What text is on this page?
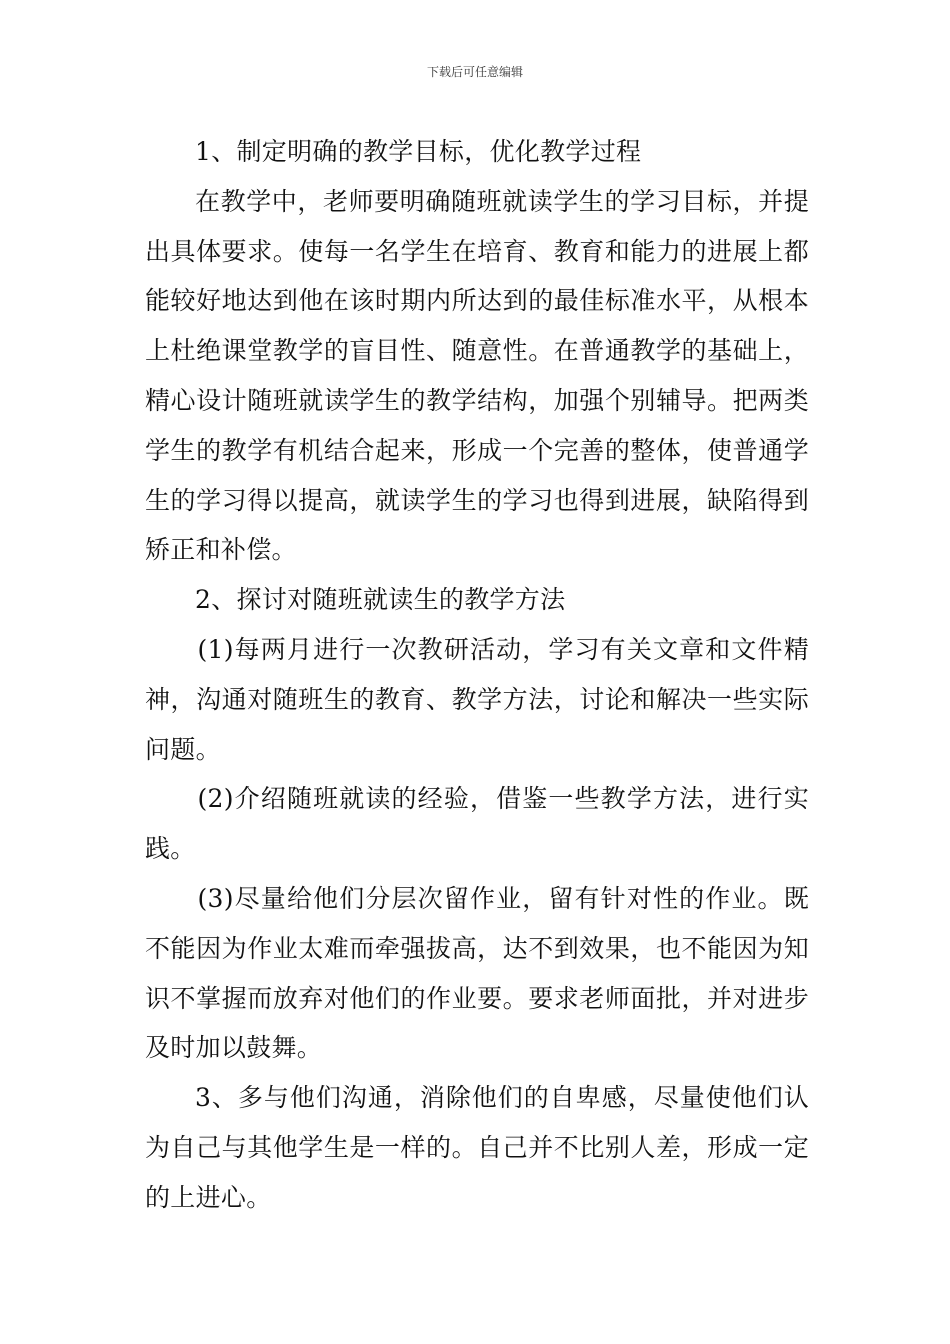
下载后可任意编辑

1、制定明确的教学目标，优化教学过程

在教学中，老师要明确随班就读学生的学习目标，并提出具体要求。使每一名学生在培育、教育和能力的进展上都能较好地达到他在该时期内所达到的最佳标准水平，从根本上杜绝课堂教学的盲目性、随意性。在普通教学的基础上，精心设计随班就读学生的教学结构，加强个别辅导。把两类学生的教学有机结合起来，形成一个完善的整体，使普通学生的学习得以提高，就读学生的学习也得到进展，缺陷得到矫正和补偿。

2、探讨对随班就读生的教学方法

(1)每两月进行一次教研活动，学习有关文章和文件精神，沟通对随班生的教育、教学方法，讨论和解决一些实际问题。

(2)介绍随班就读的经验，借鉴一些教学方法，进行实践。

(3)尽量给他们分层次留作业，留有针对性的作业。既不能因为作业太难而牵强拔高，达不到效果，也不能因为知识不掌握而放弃对他们的作业要。要求老师面批，并对进步及时加以鼓舞。

3、多与他们沟通，消除他们的自卑感，尽量使他们认为自己与其他学生是一样的。自己并不比别人差，形成一定的上进心。
